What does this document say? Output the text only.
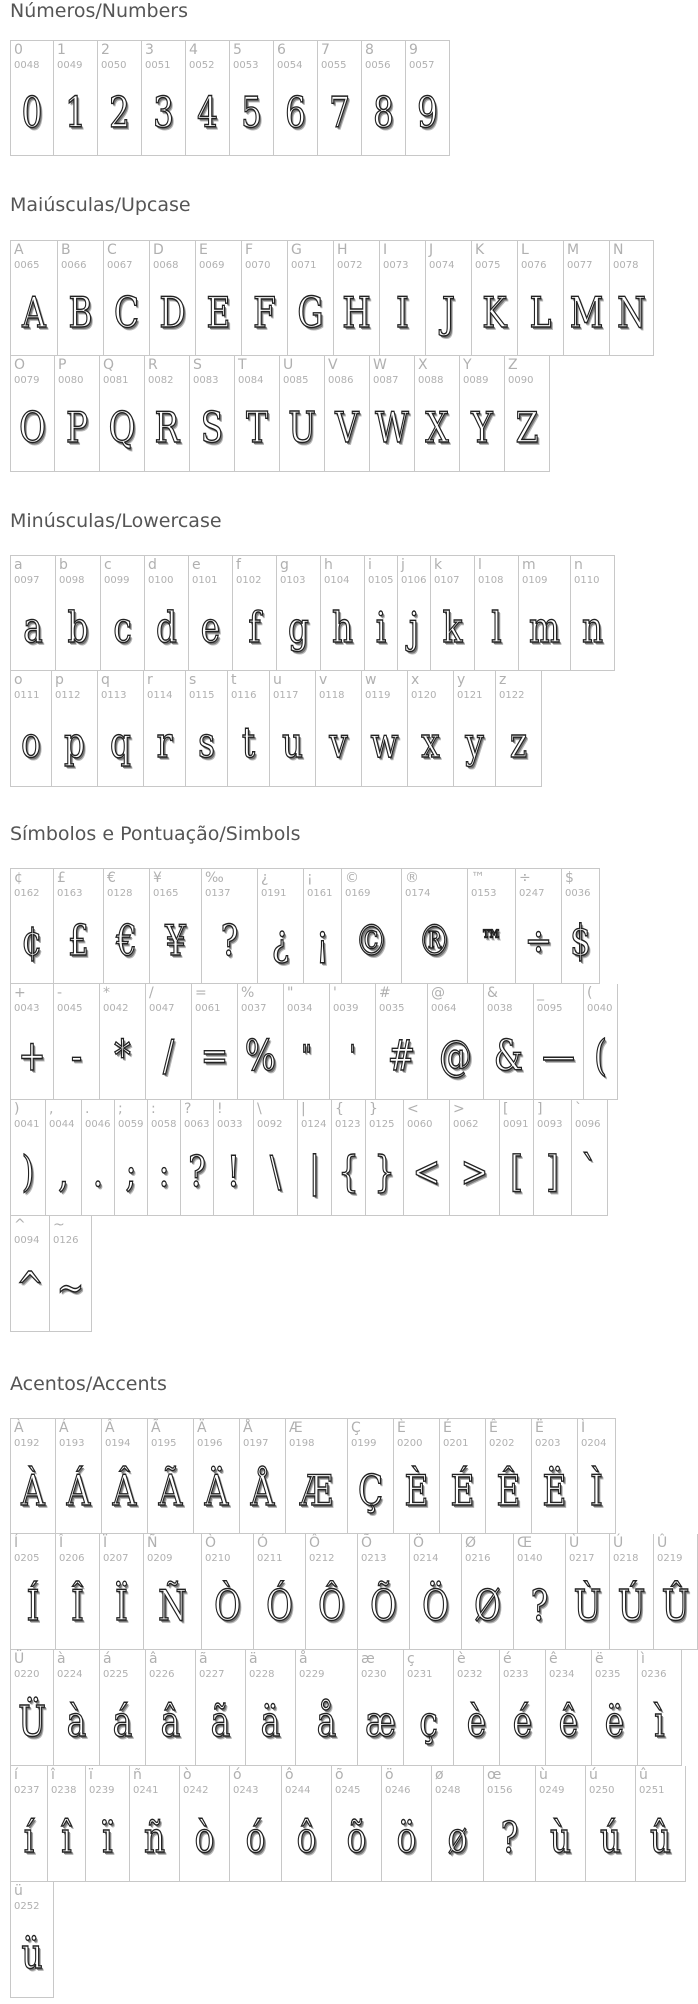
Números/Numbers
0
0048
0
1
0049
1
2
0050
2
3
0051
3
4
0052
4
5
0053
5
6
0054
6
7
0055
7
8
0056
8
9
0057
9
Maiúsculas/Upcase
A
0065
A
B
0066
B
C
0067
C
D
0068
D
E
0069
E
F
0070
F
G
0071
G
H
0072
H
I
0073
I
J
0074
J
K
0075
K
L
0076
L
M
0077
M
N
0078
N
O
0079
O
P
0080
P
Q
0081
Q
R
0082
R
S
0083
S
T
0084
T
U
0085
U
V
0086
V
W
0087
W
X
0088
X
Y
0089
Y
Z
0090
Z
Minúsculas/Lowercase
a
0097
a
b
0098
b
c
0099
c
d
0100
d
e
0101
e
f
0102
f
g
0103
g
h
0104
h
i
0105
i
j
0106
j
k
0107
k
l
0108
l
m
0109
m
n
0110
n
o
0111
o
p
0112
p
q
0113
q
r
0114
r
s
0115
s
t
0116
t
u
0117
u
v
0118
v
w
0119
w
x
0120
x
y
0121
y
z
0122
z
Símbolos e Pontuação/Simbols
¢
0162
¢
£
0163
£
€
0128
€
¥
0165
¥
‰
0137
?
¿
0191
¿
¡
0161
¡
©
0169
©
®
0174
®
™
0153
™
÷
0247
÷
$
0036
$
+
0043
+
-
0045
-
*
0042
*
/
0047
/
=
0061
=
%
0037
%
"
0034
"
'
0039
'
#
0035
#
@
0064
@
&
0038
&
_
0095
—
(
0040
(
)
0041
)
,
0044
,
.
0046
.
;
0059
;
:
0058
:
?
0063
?
!
0033
!
\
0092
\
|
0124
|
{
0123
{
}
0125
}
<
0060
<
>
0062
>
[
0091
[
]
0093
]
`
0096
`
^
0094
^
~
0126
~
Acentos/Accents
À
0192
À
Á
0193
Á
Â
0194
Â
Ã
0195
Ã
Ä
0196
Ä
Å
0197
Å
Æ
0198
Æ
Ç
0199
Ç
È
0200
È
É
0201
É
Ê
0202
Ê
Ë
0203
Ë
Ì
0204
Ì
Í
0205
Í
Î
0206
Î
Ï
0207
Ï
Ñ
0209
Ñ
Ò
0210
Ò
Ó
0211
Ó
Ô
0212
Ô
Õ
0213
Õ
Ö
0214
Ö
Ø
0216
Ø
Œ
0140
?
Ù
0217
Ù
Ú
0218
Ú
Û
0219
Û
Ü
0220
Ü
à
0224
à
á
0225
á
â
0226
â
ã
0227
ã
ä
0228
ä
å
0229
å
æ
0230
æ
ç
0231
ç
è
0232
è
é
0233
é
ê
0234
ê
ë
0235
ë
ì
0236
ì
í
0237
í
î
0238
î
ï
0239
ï
ñ
0241
ñ
ò
0242
ò
ó
0243
ó
ô
0244
ô
õ
0245
õ
ö
0246
ö
ø
0248
ø
œ
0156
?
ù
0249
ù
ú
0250
ú
û
0251
û
ü
0252
ü
